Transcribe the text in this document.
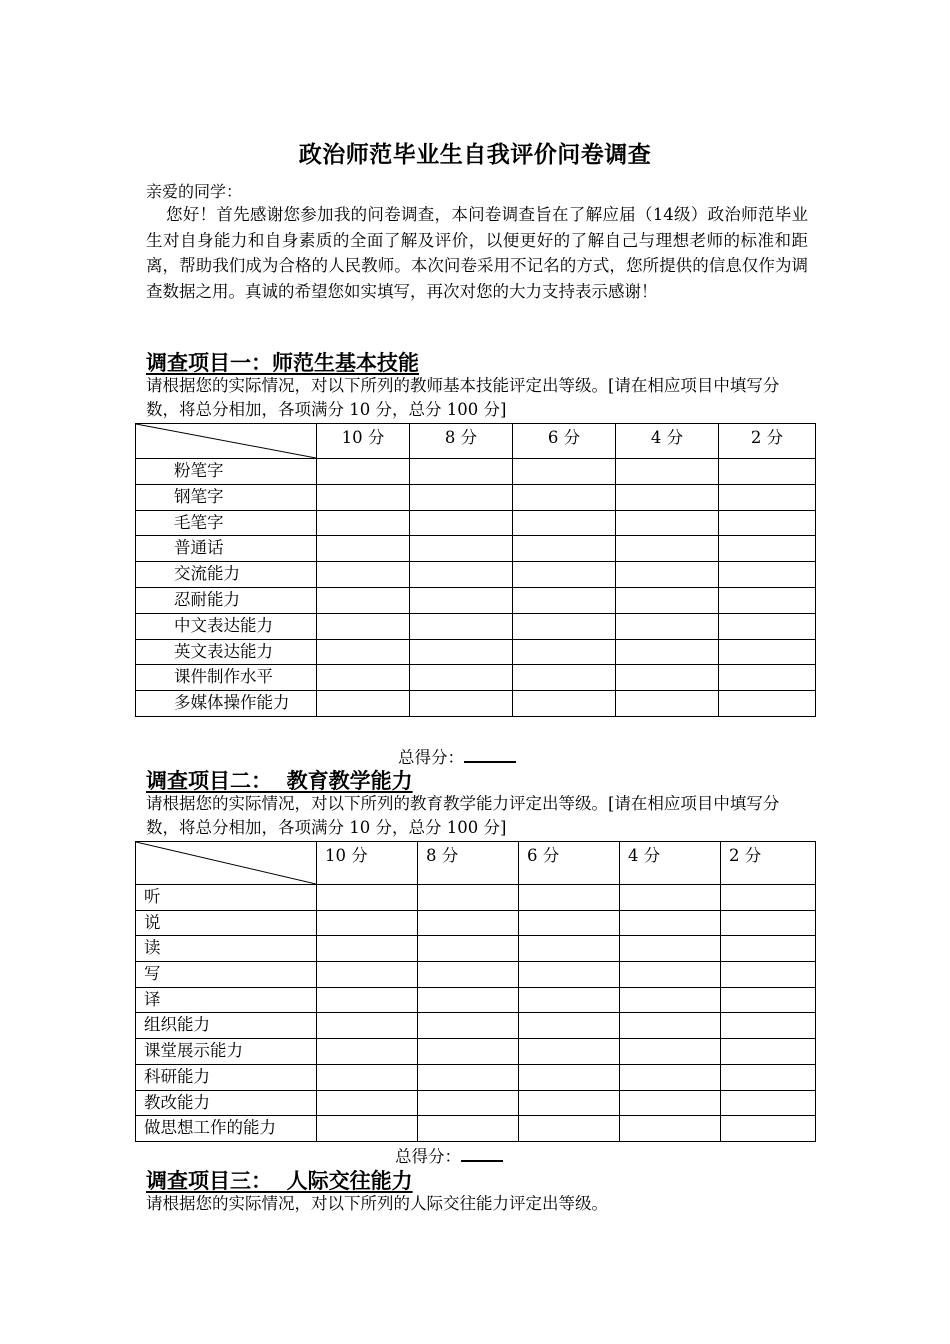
政治师范毕业生自我评价问卷调查
亲爱的同学：
您好！首先感谢您参加我的问卷调查，本问卷调查旨在了解应届（14级）政治师范毕业生对自身能力和自身素质的全面了解及评价，以便更好的了解自己与理想老师的标准和距离，帮助我们成为合格的人民教师。本次问卷采用不记名的方式，您所提供的信息仅作为调查数据之用。真诚的希望您如实填写，再次对您的大力支持表示感谢！
调查项目一：师范生基本技能
请根据您的实际情况，对以下所列的教师基本技能评定出等级。[请在相应项目中填写分数，将总分相加，各项满分 10 分，总分 100 分]
	10 分	8 分	6 分	4 分	2 分
粉笔字					
钢笔字					
毛笔字					
普通话					
交流能力					
忍耐能力					
中文表达能力					
英文表达能力					
课件制作水平					
多媒体操作能力					
总得分：
调查项目二：  教育教学能力
请根据您的实际情况，对以下所列的教育教学能力评定出等级。[请在相应项目中填写分数，将总分相加，各项满分 10 分，总分 100 分]
	10 分	8 分	6 分	4 分	2 分
听					
说					
读					
写					
译					
组织能力					
课堂展示能力					
科研能力					
教改能力					
做思想工作的能力					
总得分：
调查项目三：  人际交往能力
请根据您的实际情况，对以下所列的人际交往能力评定出等级。
